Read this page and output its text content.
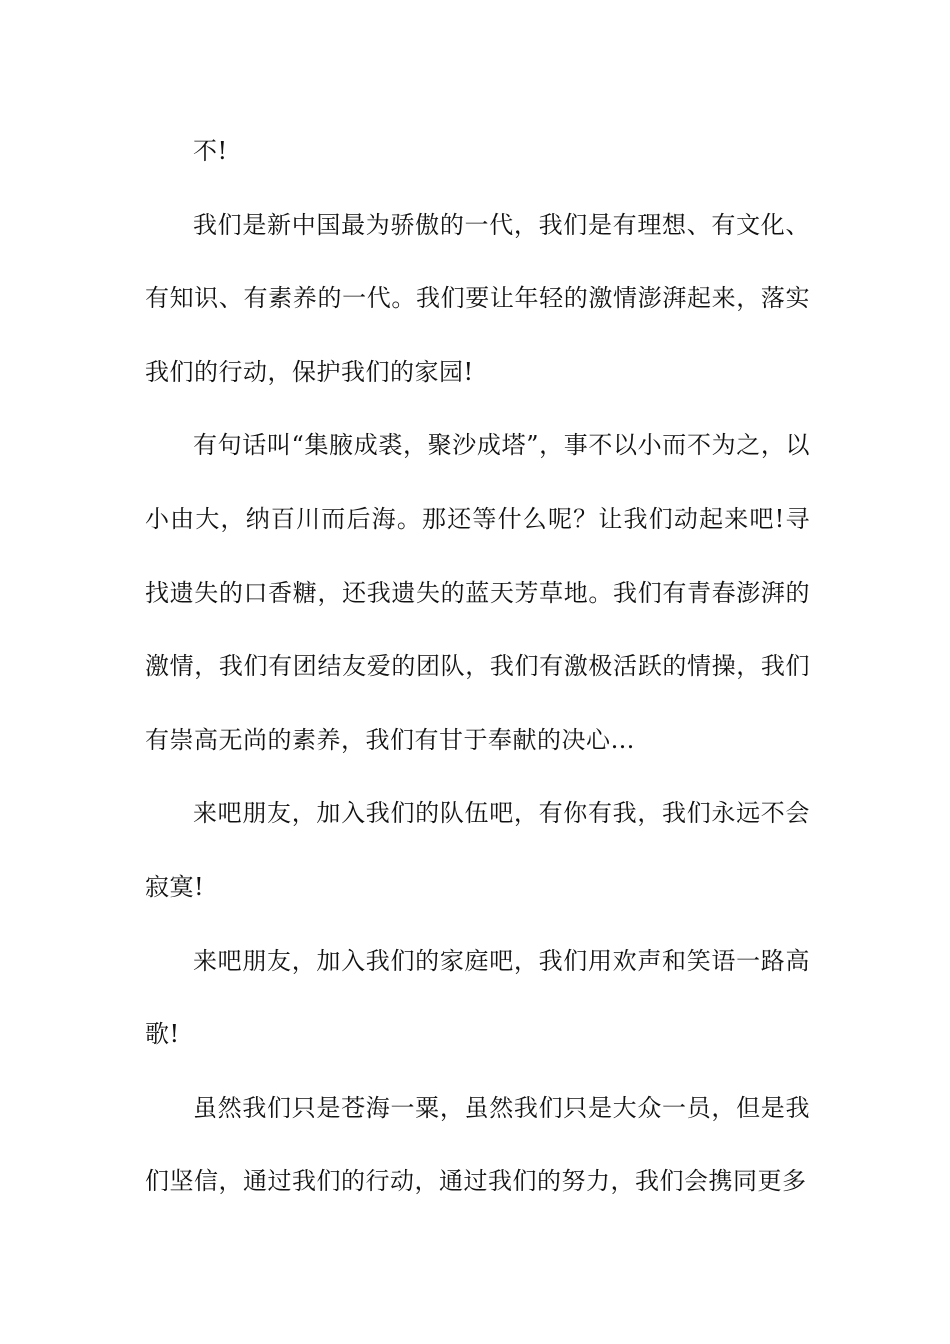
不!

我们是新中国最为骄傲的一代，我们是有理想、有文化、有知识、有素养的一代。我们要让年轻的激情澎湃起来，落实我们的行动，保护我们的家园!

有句话叫“集腋成裘，聚沙成塔”，事不以小而不为之，以小由大，纳百川而后海。那还等什么呢？让我们动起来吧!寻找遗失的口香糖，还我遗失的蓝天芳草地。我们有青春澎湃的激情，我们有团结友爱的团队，我们有激极活跃的情操，我们有崇高无尚的素养，我们有甘于奉献的决心…

来吧朋友，加入我们的队伍吧，有你有我，我们永远不会寂寞!

来吧朋友，加入我们的家庭吧，我们用欢声和笑语一路高歌!

虽然我们只是苍海一粟，虽然我们只是大众一员，但是我们坚信，通过我们的行动，通过我们的努力，我们会携同更多
